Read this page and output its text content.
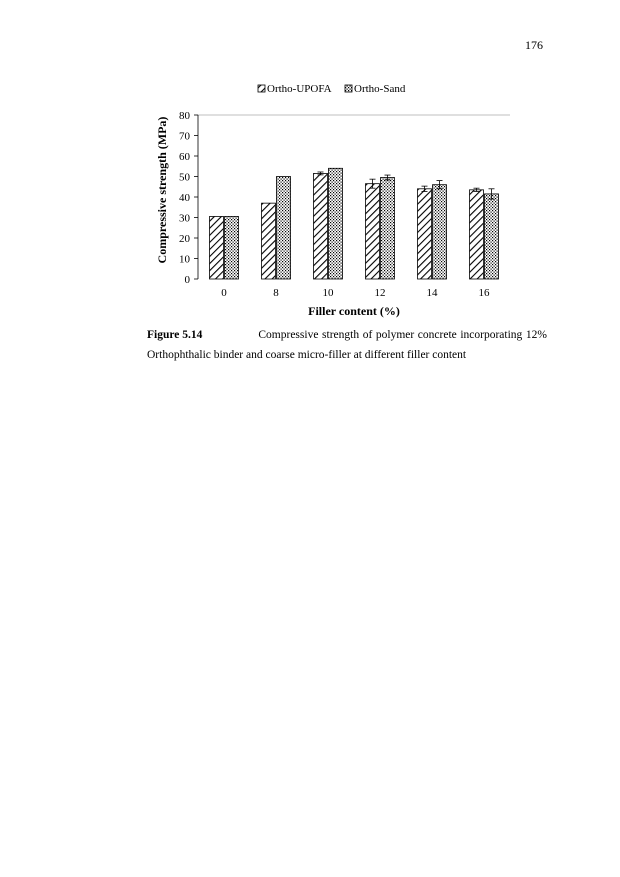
176
Ortho-UPOFA Ortho-Sand
Compressive strength (MPa)
Filler content (%)
0
10
20
30
40
50
60
70
80
0	8	10	12	14	16
Figure 5.14	Compressive strength of polymer concrete incorporating 12%
Orthophthalic binder and coarse micro-filler at different filler content
